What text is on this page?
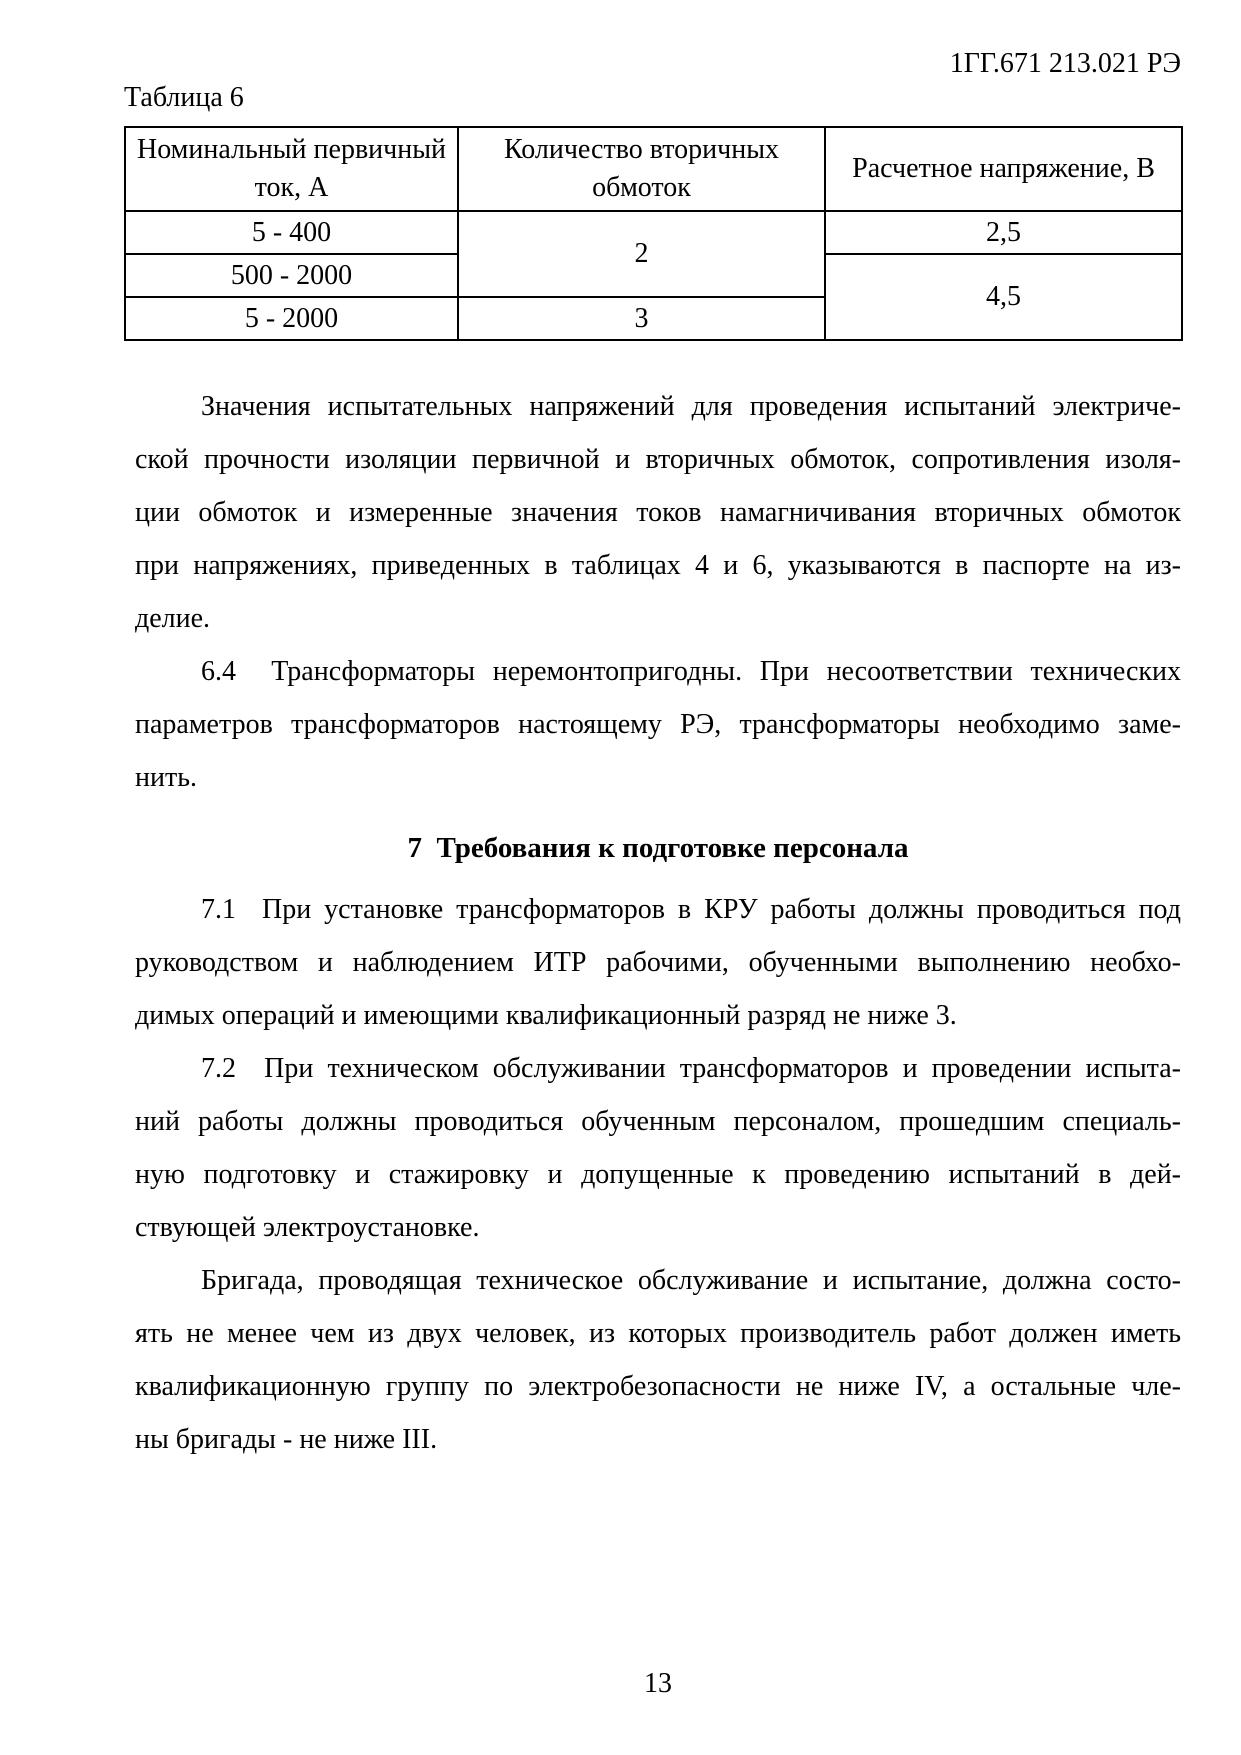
1ГГ.671 213.021 РЭ
Таблица 6
Номинальный первичный ток, А	Количество вторичных обмоток	Расчетное напряжение, В
5 - 400	2	2,5
500 - 2000		4,5
5 - 2000	3	
Значения испытательных напряжений для проведения испытаний электриче-
ской прочности изоляции первичной и вторичных обмоток, сопротивления изоля-
ции обмоток и измеренные значения токов намагничивания вторичных обмоток
при напряжениях, приведенных в таблицах 4 и 6, указываются в паспорте на из-
делие.
6.4  Трансформаторы неремонтопригодны. При несоответствии технических
параметров трансформаторов настоящему РЭ, трансформаторы необходимо заме-
нить.
7  Требования к подготовке персонала
7.1  При установке трансформаторов в КРУ работы должны проводиться под
руководством и наблюдением ИТР рабочими, обученными выполнению необхо-
димых операций и имеющими квалификационный разряд не ниже 3.
7.2  При техническом обслуживании трансформаторов и проведении испыта-
ний работы должны проводиться обученным персоналом, прошедшим специаль-
ную подготовку и стажировку и допущенные к проведению испытаний в дей-
ствующей электроустановке.
Бригада, проводящая техническое обслуживание и испытание, должна состо-
ять не менее чем из двух человек, из которых производитель работ должен иметь
квалификационную группу по электробезопасности не ниже IV, а остальные чле-
ны бригады - не ниже III.
13
